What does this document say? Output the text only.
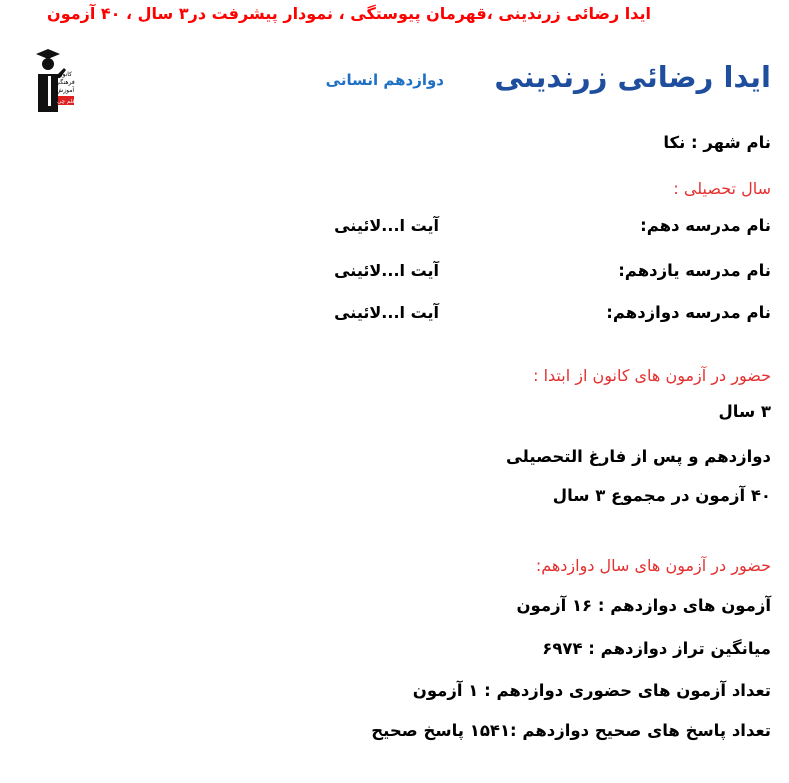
ایدا رضائی زرندینی ،قهرمان پیوستگی ، نمودار پیشرفت در۳ سال ، ۴۰ آزمون
کانون
فرهنگی
آموزش
قلم چی
ایدا رضائی زرندینی
دوازدهم انسانی
نام شهر : نکا
سال تحصیلی :
نام مدرسه دهم:
آیت ا...لائینی
نام مدرسه یازدهم:
آیت ا...لائینی
نام مدرسه دوازدهم:
آیت ا...لائینی
حضور در آزمون های کانون از ابتدا :
۳ سال
دوازدهم و پس از فارغ التحصیلی
۴۰ آزمون در مجموع ۳ سال
حضور در آزمون های سال دوازدهم:
آزمون های دوازدهم : ۱۶ آزمون
میانگین تراز دوازدهم : ۶۹۷۴
تعداد آزمون های حضوری دوازدهم : ۱ آزمون
تعداد پاسخ های صحیح دوازدهم :۱۵۴۱ پاسخ صحیح
